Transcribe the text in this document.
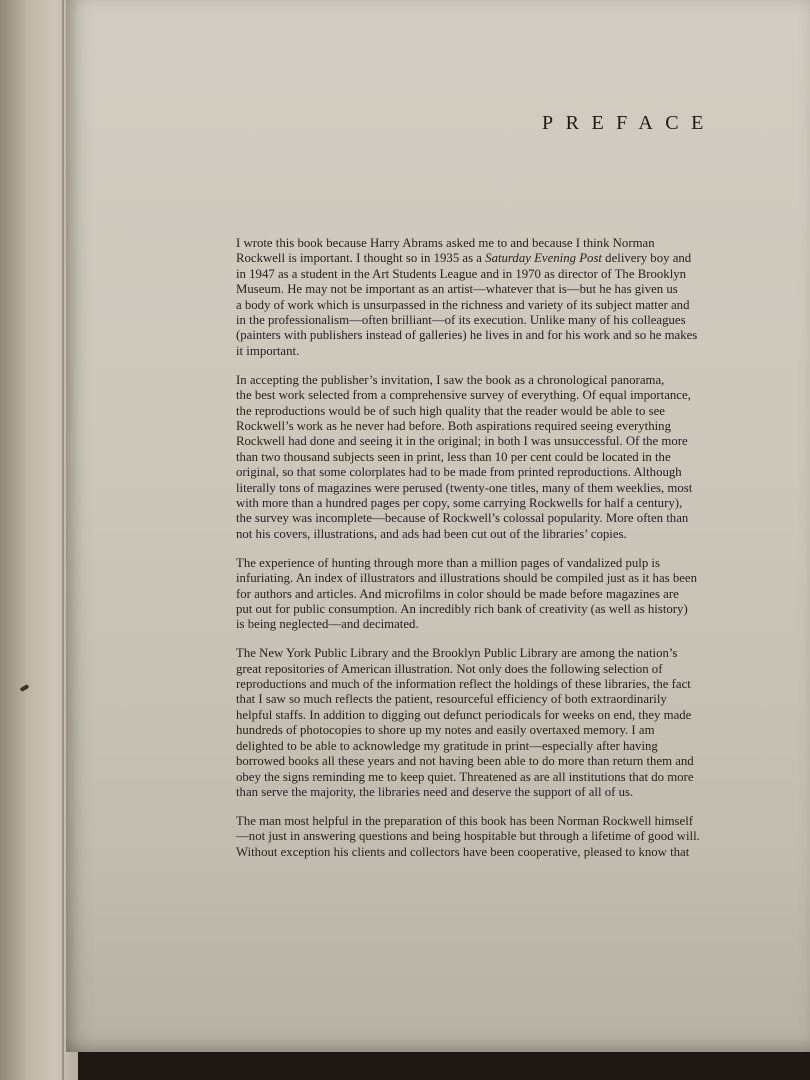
PREFACE

I wrote this book because Harry Abrams asked me to and because I think Norman
Rockwell is important. I thought so in 1935 as a Saturday Evening Post delivery boy and
in 1947 as a student in the Art Students League and in 1970 as director of The Brooklyn
Museum. He may not be important as an artist—whatever that is—but he has given us
a body of work which is unsurpassed in the richness and variety of its subject matter and
in the professionalism—often brilliant—of its execution. Unlike many of his colleagues
(painters with publishers instead of galleries) he lives in and for his work and so he makes
it important.

In accepting the publisher’s invitation, I saw the book as a chronological panorama,
the best work selected from a comprehensive survey of everything. Of equal importance,
the reproductions would be of such high quality that the reader would be able to see
Rockwell’s work as he never had before. Both aspirations required seeing everything
Rockwell had done and seeing it in the original; in both I was unsuccessful. Of the more
than two thousand subjects seen in print, less than 10 per cent could be located in the
original, so that some colorplates had to be made from printed reproductions. Although
literally tons of magazines were perused (twenty-one titles, many of them weeklies, most
with more than a hundred pages per copy, some carrying Rockwells for half a century),
the survey was incomplete—because of Rockwell’s colossal popularity. More often than
not his covers, illustrations, and ads had been cut out of the libraries’ copies.

The experience of hunting through more than a million pages of vandalized pulp is
infuriating. An index of illustrators and illustrations should be compiled just as it has been
for authors and articles. And microfilms in color should be made before magazines are
put out for public consumption. An incredibly rich bank of creativity (as well as history)
is being neglected—and decimated.

The New York Public Library and the Brooklyn Public Library are among the nation’s
great repositories of American illustration. Not only does the following selection of
reproductions and much of the information reflect the holdings of these libraries, the fact
that I saw so much reflects the patient, resourceful efficiency of both extraordinarily
helpful staffs. In addition to digging out defunct periodicals for weeks on end, they made
hundreds of photocopies to shore up my notes and easily overtaxed memory. I am
delighted to be able to acknowledge my gratitude in print—especially after having
borrowed books all these years and not having been able to do more than return them and
obey the signs reminding me to keep quiet. Threatened as are all institutions that do more
than serve the majority, the libraries need and deserve the support of all of us.

The man most helpful in the preparation of this book has been Norman Rockwell himself
—not just in answering questions and being hospitable but through a lifetime of good will.
Without exception his clients and collectors have been cooperative, pleased to know that
